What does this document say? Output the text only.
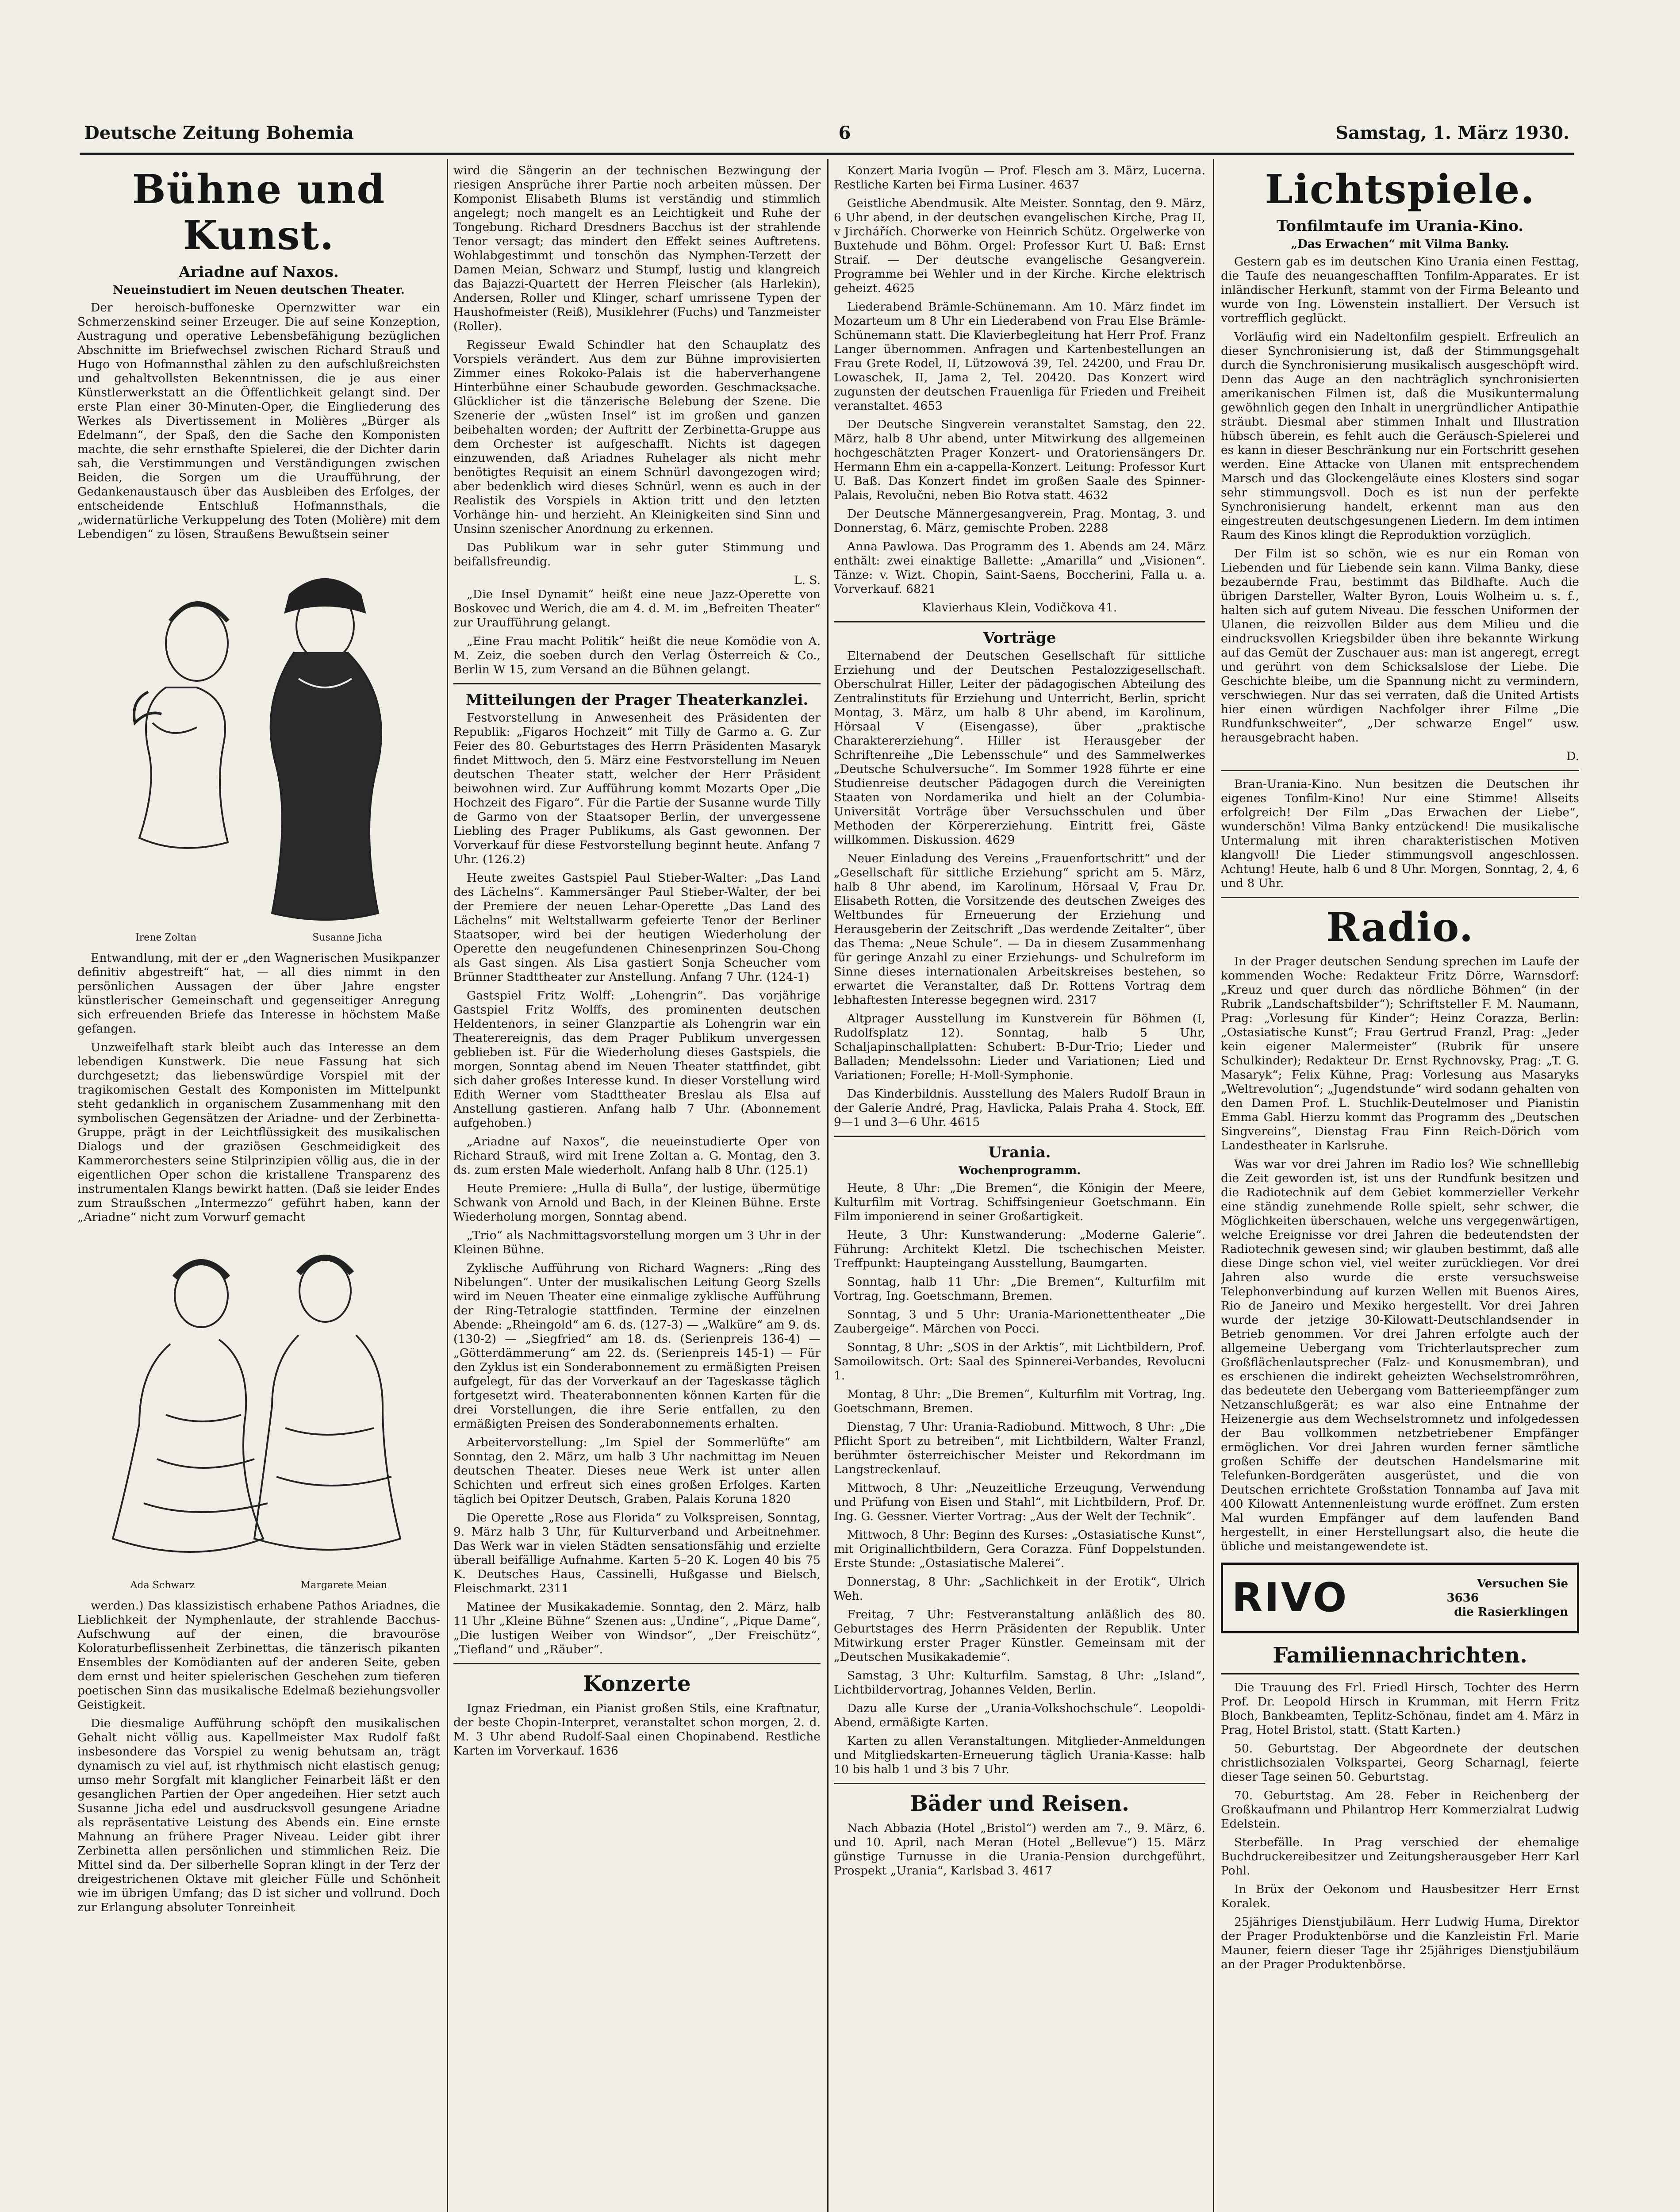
Deutsche Zeitung Bohemia	6	Samstag, 1. März 1930.
Bühne und Kunst.
Ariadne auf Naxos.
Neueinstudiert im Neuen deutschen Theater.

Der heroisch-buffoneske Opernzwitter war ein Schmerzenskind seiner Erzeuger. Die auf seine Konzeption, Austragung und operative Lebensbefähigung bezüglichen Abschnitte im Briefwechsel zwischen Richard Strauß und Hugo von Hofmannsthal zählen zu den aufschlußreichsten und gehaltvollsten Bekenntnissen, die je aus einer Künstlerwerkstatt an die Öffentlichkeit gelangt sind. Der erste Plan einer 30-Minuten-Oper, die Eingliederung des Werkes als Divertissement in Molières „Bürger als Edelmann“, der Spaß, den die Sache den Komponisten machte, die sehr ernsthafte Spielerei, die der Dichter darin sah, die Verstimmungen und Verständigungen zwischen Beiden, die Sorgen um die Uraufführung, der Gedankenaustausch über das Ausbleiben des Erfolges, der entscheidende Entschluß Hofmannsthals, die „widernatürliche Verkuppelung des Toten (Molière) mit dem Lebendigen“ zu lösen, Straußens Bewußtsein seiner

Irene Zoltan	Susanne Jicha

Entwandlung, mit der er „den Wagnerischen Musikpanzer definitiv abgestreift“ hat, — all dies nimmt in den persönlichen Aussagen der über Jahre engster künstlerischer Gemeinschaft und gegenseitiger Anregung sich erfreuenden Briefe das Interesse in höchstem Maße gefangen.

Unzweifelhaft stark bleibt auch das Interesse an dem lebendigen Kunstwerk. Die neue Fassung hat sich durchgesetzt; das liebenswürdige Vorspiel mit der tragikomischen Gestalt des Komponisten im Mittelpunkt steht gedanklich in organischem Zusammenhang mit den symbolischen Gegensätzen der Ariadne- und der Zerbinetta-Gruppe, prägt in der Leichtflüssigkeit des musikalischen Dialogs und der graziösen Geschmeidigkeit des Kammerorchesters seine Stilprinzipien völlig aus, die in der eigentlichen Oper schon die kristallene Transparenz des instrumentalen Klangs bewirkt hatten. (Daß sie leider Endes zum Straußschen „Intermezzo“ geführt haben, kann der „Ariadne“ nicht zum Vorwurf gemacht

Ada Schwarz	Margarete Meian

werden.) Das klassizistisch erhabene Pathos Ariadnes, die Lieblichkeit der Nymphenlaute, der strahlende Bacchus-Aufschwung auf der einen, die bravouröse Koloraturbeflissenheit Zerbinettas, die tänzerisch pikanten Ensembles der Komödianten auf der anderen Seite, geben dem ernst und heiter spielerischen Geschehen zum tieferen poetischen Sinn das musikalische Edelmaß beziehungsvoller Geistigkeit.

Die diesmalige Aufführung schöpft den musikalischen Gehalt nicht völlig aus. Kapellmeister Max Rudolf faßt insbesondere das Vorspiel zu wenig behutsam an, trägt dynamisch zu viel auf, ist rhythmisch nicht elastisch genug; umso mehr Sorgfalt mit klanglicher Feinarbeit läßt er den gesanglichen Partien der Oper angedeihen. Hier setzt auch Susanne Jicha edel und ausdrucksvoll gesungene Ariadne als repräsentative Leistung des Abends ein. Eine ernste Mahnung an frühere Prager Niveau. Leider gibt ihrer Zerbinetta allen persönlichen und stimmlichen Reiz. Die Mittel sind da. Der silberhelle Sopran klingt in der Terz der dreigestrichenen Oktave mit gleicher Fülle und Schönheit wie im übrigen Umfang; das D ist sicher und vollrund. Doch zur Erlangung absoluter Tonreinheit

wird die Sängerin an der technischen Bezwingung der riesigen Ansprüche ihrer Partie noch arbeiten müssen. Der Komponist Elisabeth Blums ist verständig und stimmlich angelegt; noch mangelt es an Leichtigkeit und Ruhe der Tongebung. Richard Dresdners Bacchus ist der strahlende Tenor versagt; das mindert den Effekt seines Auftretens. Wohlabgestimmt und tonschön das Nymphen-Terzett der Damen Meian, Schwarz und Stumpf, lustig und klangreich das Bajazzi-Quartett der Herren Fleischer (als Harlekin), Andersen, Roller und Klinger, scharf umrissene Typen der Haushofmeister (Reiß), Musiklehrer (Fuchs) und Tanzmeister (Roller).

Regisseur Ewald Schindler hat den Schauplatz des Vorspiels verändert. Aus dem zur Bühne improvisierten Zimmer eines Rokoko-Palais ist die haberverhangene Hinterbühne einer Schaubude geworden. Geschmacksache. Glücklicher ist die tänzerische Belebung der Szene. Die Szenerie der „wüsten Insel“ ist im großen und ganzen beibehalten worden; der Auftritt der Zerbinetta-Gruppe aus dem Orchester ist aufgeschafft. Nichts ist dagegen einzuwenden, daß Ariadnes Ruhelager als nicht mehr benötigtes Requisit an einem Schnürl davongezogen wird; aber bedenklich wird dieses Schnürl, wenn es auch in der Realistik des Vorspiels in Aktion tritt und den letzten Vorhänge hin- und herzieht. An Kleinigkeiten sind Sinn und Unsinn szenischer Anordnung zu erkennen.

Das Publikum war in sehr guter Stimmung und beifallsfreundig.

L. S.

„Die Insel Dynamit“ heißt eine neue Jazz-Operette von Boskovec und Werich, die am 4. d. M. im „Befreiten Theater“ zur Uraufführung gelangt.

„Eine Frau macht Politik“ heißt die neue Komödie von A. M. Zeiz, die soeben durch den Verlag Österreich & Co., Berlin W 15, zum Versand an die Bühnen gelangt.

Mitteilungen der Prager Theaterkanzlei.

Festvorstellung in Anwesenheit des Präsidenten der Republik: „Figaros Hochzeit“ mit Tilly de Garmo a. G. Zur Feier des 80. Geburtstages des Herrn Präsidenten Masaryk findet Mittwoch, den 5. März eine Festvorstellung im Neuen deutschen Theater statt, welcher der Herr Präsident beiwohnen wird. Zur Aufführung kommt Mozarts Oper „Die Hochzeit des Figaro“. Für die Partie der Susanne wurde Tilly de Garmo von der Staatsoper Berlin, der unvergessene Liebling des Prager Publikums, als Gast gewonnen. Der Vorverkauf für diese Festvorstellung beginnt heute. Anfang 7 Uhr. (126.2)

Heute zweites Gastspiel Paul Stieber-Walter: „Das Land des Lächelns“. Kammersänger Paul Stieber-Walter, der bei der Premiere der neuen Lehar-Operette „Das Land des Lächelns“ mit Weltstallwarm gefeierte Tenor der Berliner Staatsoper, wird bei der heutigen Wiederholung der Operette den neugefundenen Chinesenprinzen Sou-Chong als Gast singen. Als Lisa gastiert Sonja Scheucher vom Brünner Stadttheater zur Anstellung. Anfang 7 Uhr. (124-1)

Gastspiel Fritz Wolff: „Lohengrin“. Das vorjährige Gastspiel Fritz Wolffs, des prominenten deutschen Heldentenors, in seiner Glanzpartie als Lohengrin war ein Theaterereignis, das dem Prager Publikum unvergessen geblieben ist. Für die Wiederholung dieses Gastspiels, die morgen, Sonntag abend im Neuen Theater stattfindet, gibt sich daher großes Interesse kund. In dieser Vorstellung wird Edith Werner vom Stadttheater Breslau als Elsa auf Anstellung gastieren. Anfang halb 7 Uhr. (Abonnement aufgehoben.)

„Ariadne auf Naxos“, die neueinstudierte Oper von Richard Strauß, wird mit Irene Zoltan a. G. Montag, den 3. ds. zum ersten Male wiederholt. Anfang halb 8 Uhr. (125.1)

Heute Premiere: „Hulla di Bulla“, der lustige, übermütige Schwank von Arnold und Bach, in der Kleinen Bühne. Erste Wiederholung morgen, Sonntag abend.

„Trio“ als Nachmittagsvorstellung morgen um 3 Uhr in der Kleinen Bühne.

Zyklische Aufführung von Richard Wagners: „Ring des Nibelungen“. Unter der musikalischen Leitung Georg Szells wird im Neuen Theater eine einmalige zyklische Aufführung der Ring-Tetralogie stattfinden. Termine der einzelnen Abende: „Rheingold“ am 6. ds. (127-3) — „Walküre“ am 9. ds. (130-2) — „Siegfried“ am 18. ds. (Serienpreis 136-4) — „Götterdämmerung“ am 22. ds. (Serienpreis 145-1) — Für den Zyklus ist ein Sonderabonnement zu ermäßigten Preisen aufgelegt, für das der Vorverkauf an der Tageskasse täglich fortgesetzt wird. Theaterabonnenten können Karten für die drei Vorstellungen, die ihre Serie entfallen, zu den ermäßigten Preisen des Sonderabonnements erhalten.

Arbeitervorstellung: „Im Spiel der Sommerlüfte“ am Sonntag, den 2. März, um halb 3 Uhr nachmittag im Neuen deutschen Theater. Dieses neue Werk ist unter allen Schichten und erfreut sich eines großen Erfolges. Karten täglich bei Opitzer Deutsch, Graben, Palais Koruna 1820

Die Operette „Rose aus Florida“ zu Volkspreisen, Sonntag, 9. März halb 3 Uhr, für Kulturverband und Arbeitnehmer. Das Werk war in vielen Städten sensationsfähig und erzielte überall beifällige Aufnahme. Karten 5–20 K. Logen 40 bis 75 K. Deutsches Haus, Cassinelli, Hußgasse und Bielsch, Fleischmarkt. 2311

Matinee der Musikakademie. Sonntag, den 2. März, halb 11 Uhr „Kleine Bühne“ Szenen aus: „Undine“, „Pique Dame“, „Die lustigen Weiber von Windsor“, „Der Freischütz“, „Tiefland“ und „Räuber“.

Konzerte

Ignaz Friedman, ein Pianist großen Stils, eine Kraftnatur, der beste Chopin-Interpret, veranstaltet schon morgen, 2. d. M. 3 Uhr abend Rudolf-Saal einen Chopinabend. Restliche Karten im Vorverkauf. 1636

Konzert Maria Ivogün — Prof. Flesch am 3. März, Lucerna. Restliche Karten bei Firma Lusiner. 4637

Geistliche Abendmusik. Alte Meister. Sonntag, den 9. März, 6 Uhr abend, in der deutschen evangelischen Kirche, Prag II, v Jirchářích. Chorwerke von Heinrich Schütz. Orgelwerke von Buxtehude und Böhm. Orgel: Professor Kurt U. Baß: Ernst Straif. — Der deutsche evangelische Gesangverein. Programme bei Wehler und in der Kirche. Kirche elektrisch geheizt. 4625

Liederabend Brämle-Schünemann. Am 10. März findet im Mozarteum um 8 Uhr ein Liederabend von Frau Else Brämle-Schünemann statt. Die Klavierbegleitung hat Herr Prof. Franz Langer übernommen. Anfragen und Kartenbestellungen an Frau Grete Rodel, II, Lützowová 39, Tel. 24200, und Frau Dr. Lowaschek, II, Jama 2, Tel. 20420. Das Konzert wird zugunsten der deutschen Frauenliga für Frieden und Freiheit veranstaltet. 4653

Der Deutsche Singverein veranstaltet Samstag, den 22. März, halb 8 Uhr abend, unter Mitwirkung des allgemeinen hochgeschätzten Prager Konzert- und Oratoriensängers Dr. Hermann Ehm ein a-cappella-Konzert. Leitung: Professor Kurt U. Baß. Das Konzert findet im großen Saale des Spinner-Palais, Revolučni, neben Bio Rotva statt. 4632

Der Deutsche Männergesangverein, Prag. Montag, 3. und Donnerstag, 6. März, gemischte Proben. 2288

Anna Pawlowa. Das Programm des 1. Abends am 24. März enthält: zwei einaktige Ballette: „Amarilla“ und „Visionen“. Tänze: v. Wizt. Chopin, Saint-Saens, Boccherini, Falla u. a. Vorverkauf. 6821

Klavierhaus Klein, Vodičkova 41.

Vorträge

Elternabend der Deutschen Gesellschaft für sittliche Erziehung und der Deutschen Pestalozzigesellschaft. Oberschulrat Hiller, Leiter der pädagogischen Abteilung des Zentralinstituts für Erziehung und Unterricht, Berlin, spricht Montag, 3. März, um halb 8 Uhr abend, im Karolinum, Hörsaal V (Eisengasse), über „praktische Charaktererziehung“. Hiller ist Herausgeber der Schriftenreihe „Die Lebensschule“ und des Sammelwerkes „Deutsche Schulversuche“. Im Sommer 1928 führte er eine Studienreise deutscher Pädagogen durch die Vereinigten Staaten von Nordamerika und hielt an der Columbia-Universität Vorträge über Versuchsschulen und über Methoden der Körpererziehung. Eintritt frei, Gäste willkommen. Diskussion. 4629

Neuer Einladung des Vereins „Frauenfortschritt“ und der „Gesellschaft für sittliche Erziehung“ spricht am 5. März, halb 8 Uhr abend, im Karolinum, Hörsaal V, Frau Dr. Elisabeth Rotten, die Vorsitzende des deutschen Zweiges des Weltbundes für Erneuerung der Erziehung und Herausgeberin der Zeitschrift „Das werdende Zeitalter“, über das Thema: „Neue Schule“. — Da in diesem Zusammenhang für geringe Anzahl zu einer Erziehungs- und Schulreform im Sinne dieses internationalen Arbeitskreises bestehen, so erwartet die Veranstalter, daß Dr. Rottens Vortrag dem lebhaftesten Interesse begegnen wird. 2317

Altprager Ausstellung im Kunstverein für Böhmen (I, Rudolfsplatz 12). Sonntag, halb 5 Uhr, Schaljapinschallplatten: Schubert: B-Dur-Trio; Lieder und Balladen; Mendelssohn: Lieder und Variationen; Lied und Variationen; Forelle; H-Moll-Symphonie.

Das Kinderbildnis. Ausstellung des Malers Rudolf Braun in der Galerie André, Prag, Havlicka, Palais Praha 4. Stock, Eff. 9—1 und 3—6 Uhr. 4615

Urania.
Wochenprogramm.

Heute, 8 Uhr: „Die Bremen“, die Königin der Meere, Kulturfilm mit Vortrag. Schiffsingenieur Goetschmann. Ein Film imponierend in seiner Großartigkeit.

Heute, 3 Uhr: Kunstwanderung: „Moderne Galerie“. Führung: Architekt Kletzl. Die tschechischen Meister. Treffpunkt: Haupteingang Ausstellung, Baumgarten.

Sonntag, halb 11 Uhr: „Die Bremen“, Kulturfilm mit Vortrag, Ing. Goetschmann, Bremen.

Sonntag, 3 und 5 Uhr: Urania-Marionettentheater „Die Zaubergeige“. Märchen von Pocci.

Sonntag, 8 Uhr: „SOS in der Arktis“, mit Lichtbildern, Prof. Samoilowitsch. Ort: Saal des Spinnerei-Verbandes, Revolucni 1.

Montag, 8 Uhr: „Die Bremen“, Kulturfilm mit Vortrag, Ing. Goetschmann, Bremen.

Dienstag, 7 Uhr: Urania-Radiobund. Mittwoch, 8 Uhr: „Die Pflicht Sport zu betreiben“, mit Lichtbildern, Walter Franzl, berühmter österreichischer Meister und Rekordmann im Langstreckenlauf.

Mittwoch, 8 Uhr: „Neuzeitliche Erzeugung, Verwendung und Prüfung von Eisen und Stahl“, mit Lichtbildern, Prof. Dr. Ing. G. Gessner. Vierter Vortrag: „Aus der Welt der Technik“.

Mittwoch, 8 Uhr: Beginn des Kurses: „Ostasiatische Kunst“, mit Originallichtbildern, Gera Corazza. Fünf Doppelstunden. Erste Stunde: „Ostasiatische Malerei“.

Donnerstag, 8 Uhr: „Sachlichkeit in der Erotik“, Ulrich Weh.

Freitag, 7 Uhr: Festveranstaltung anläßlich des 80. Geburtstages des Herrn Präsidenten der Republik. Unter Mitwirkung erster Prager Künstler. Gemeinsam mit der „Deutschen Musikakademie“.

Samstag, 3 Uhr: Kulturfilm. Samstag, 8 Uhr: „Island“, Lichtbildervortrag, Johannes Velden, Berlin.

Dazu alle Kurse der „Urania-Volkshochschule“. Leopoldi-Abend, ermäßigte Karten.

Karten zu allen Veranstaltungen. Mitglieder-Anmeldungen und Mitgliedskarten-Erneuerung täglich Urania-Kasse: halb 10 bis halb 1 und 3 bis 7 Uhr.

Bäder und Reisen.

Nach Abbazia (Hotel „Bristol“) werden am 7., 9. März, 6. und 10. April, nach Meran (Hotel „Bellevue“) 15. März günstige Turnusse in die Urania-Pension durchgeführt. Prospekt „Urania“, Karlsbad 3. 4617

Lichtspiele.
Tonfilmtaufe im Urania-Kino.
„Das Erwachen“ mit Vilma Banky.

Gestern gab es im deutschen Kino Urania einen Festtag, die Taufe des neuangeschafften Tonfilm-Apparates. Er ist inländischer Herkunft, stammt von der Firma Beleanto und wurde von Ing. Löwenstein installiert. Der Versuch ist vortrefflich geglückt.

Vorläufig wird ein Nadeltonfilm gespielt. Erfreulich an dieser Synchronisierung ist, daß der Stimmungsgehalt durch die Synchronisierung musikalisch ausgeschöpft wird. Denn das Auge an den nachträglich synchronisierten amerikanischen Filmen ist, daß die Musikuntermalung gewöhnlich gegen den Inhalt in unergründlicher Antipathie sträubt. Diesmal aber stimmen Inhalt und Illustration hübsch überein, es fehlt auch die Geräusch-Spielerei und es kann in dieser Beschränkung nur ein Fortschritt gesehen werden. Eine Attacke von Ulanen mit entsprechendem Marsch und das Glockengeläute eines Klosters sind sogar sehr stimmungsvoll. Doch es ist nun der perfekte Synchronisierung handelt, erkennt man aus den eingestreuten deutschgesungenen Liedern. Im dem intimen Raum des Kinos klingt die Reproduktion vorzüglich.

Der Film ist so schön, wie es nur ein Roman von Liebenden und für Liebende sein kann. Vilma Banky, diese bezaubernde Frau, bestimmt das Bildhafte. Auch die übrigen Darsteller, Walter Byron, Louis Wolheim u. s. f., halten sich auf gutem Niveau. Die fesschen Uniformen der Ulanen, die reizvollen Bilder aus dem Milieu und die eindrucksvollen Kriegsbilder üben ihre bekannte Wirkung auf das Gemüt der Zuschauer aus: man ist angeregt, erregt und gerührt von dem Schicksalslose der Liebe. Die Geschichte bleibe, um die Spannung nicht zu vermindern, verschwiegen. Nur das sei verraten, daß die United Artists hier einen würdigen Nachfolger ihrer Filme „Die Rundfunkschweiter“, „Der schwarze Engel“ usw. herausgebracht haben.

D.

Bran-Urania-Kino. Nun besitzen die Deutschen ihr eigenes Tonfilm-Kino! Nur eine Stimme! Allseits erfolgreich! Der Film „Das Erwachen der Liebe“, wunderschön! Vilma Banky entzückend! Die musikalische Untermalung mit ihren charakteristischen Motiven klangvoll! Die Lieder stimmungsvoll angeschlossen. Achtung! Heute, halb 6 und 8 Uhr. Morgen, Sonntag, 2, 4, 6 und 8 Uhr.

Radio.

In der Prager deutschen Sendung sprechen im Laufe der kommenden Woche: Redakteur Fritz Dörre, Warnsdorf: „Kreuz und quer durch das nördliche Böhmen“ (in der Rubrik „Landschaftsbilder“); Schriftsteller F. M. Naumann, Prag: „Vorlesung für Kinder“; Heinz Corazza, Berlin: „Ostasiatische Kunst“; Frau Gertrud Franzl, Prag: „Jeder kein eigener Malermeister“ (Rubrik für unsere Schulkinder); Redakteur Dr. Ernst Rychnovsky, Prag: „T. G. Masaryk“; Felix Kühne, Prag: Vorlesung aus Masaryks „Weltrevolution“; „Jugendstunde“ wird sodann gehalten von den Damen Prof. L. Stuchlik-Deutelmoser und Pianistin Emma Gabl. Hierzu kommt das Programm des „Deutschen Singvereins“, Dienstag Frau Finn Reich-Dörich vom Landestheater in Karlsruhe.

Was war vor drei Jahren im Radio los? Wie schnelllebig die Zeit geworden ist, ist uns der Rundfunk besitzen und die Radiotechnik auf dem Gebiet kommerzieller Verkehr eine ständig zunehmende Rolle spielt, sehr schwer, die Möglichkeiten überschauen, welche uns vergegenwärtigen, welche Ereignisse vor drei Jahren die bedeutendsten der Radiotechnik gewesen sind; wir glauben bestimmt, daß alle diese Dinge schon viel, viel weiter zurückliegen. Vor drei Jahren also wurde die erste versuchsweise Telephonverbindung auf kurzen Wellen mit Buenos Aires, Rio de Janeiro und Mexiko hergestellt. Vor drei Jahren wurde der jetzige 30-Kilowatt-Deutschlandsender in Betrieb genommen. Vor drei Jahren erfolgte auch der allgemeine Uebergang vom Trichterlautsprecher zum Großflächenlautsprecher (Falz- und Konusmembran), und es erschienen die indirekt geheizten Wechselstromröhren, das bedeutete den Uebergang vom Batterieempfänger zum Netzanschlußgerät; es war also eine Entnahme der Heizenergie aus dem Wechselstromnetz und infolgedessen der Bau vollkommen netzbetriebener Empfänger ermöglichen. Vor drei Jahren wurden ferner sämtliche großen Schiffe der deutschen Handelsmarine mit Telefunken-Bordgeräten ausgerüstet, und die von Deutschen errichtete Großstation Tonnamba auf Java mit 400 Kilowatt Antennenleistung wurde eröffnet. Zum ersten Mal wurden Empfänger auf dem laufenden Band hergestellt, in einer Herstellungsart also, die heute die übliche und meistangewendete ist.

RIVO	Versuchen Sie
3636
die Rasierklingen
Familiennachrichten.

Die Trauung des Frl. Friedl Hirsch, Tochter des Herrn Prof. Dr. Leopold Hirsch in Krumman, mit Herrn Fritz Bloch, Bankbeamten, Teplitz-Schönau, findet am 4. März in Prag, Hotel Bristol, statt. (Statt Karten.)

50. Geburtstag. Der Abgeordnete der deutschen christlichsozialen Volkspartei, Georg Scharnagl, feierte dieser Tage seinen 50. Geburtstag.

70. Geburtstag. Am 28. Feber in Reichenberg der Großkaufmann und Philantrop Herr Kommerzialrat Ludwig Edelstein.

Sterbefälle. In Prag verschied der ehemalige Buchdruckereibesitzer und Zeitungsherausgeber Herr Karl Pohl.

In Brüx der Oekonom und Hausbesitzer Herr Ernst Koralek.

25jähriges Dienstjubiläum. Herr Ludwig Huma, Direktor der Prager Produktenbörse und die Kanzleistin Frl. Marie Mauner, feiern dieser Tage ihr 25jähriges Dienstjubiläum an der Prager Produktenbörse.
